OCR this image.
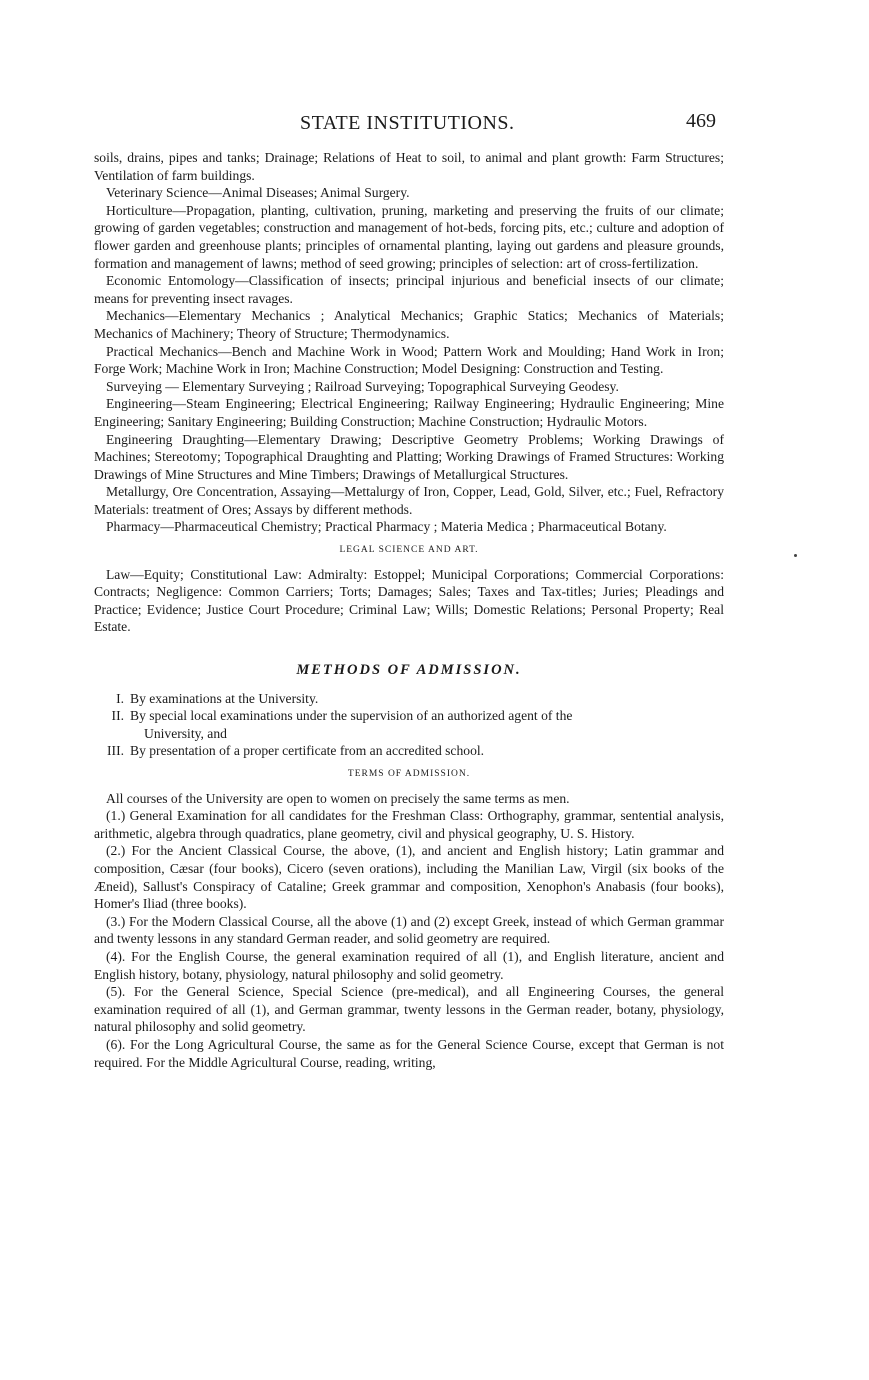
STATE INSTITUTIONS.	469

soils, drains, pipes and tanks; Drainage; Relations of Heat to soil, to animal and plant growth: Farm Structures; Ventilation of farm buildings.

Veterinary Science—Animal Diseases; Animal Surgery.

Horticulture—Propagation, planting, cultivation, pruning, marketing and preserving the fruits of our climate; growing of garden vegetables; construction and management of hot-beds, forcing pits, etc.; culture and adoption of flower garden and greenhouse plants; principles of ornamental planting, laying out gardens and pleasure grounds, formation and management of lawns; method of seed growing; principles of selection: art of cross-fertilization.

Economic Entomology—Classification of insects; principal injurious and beneficial insects of our climate; means for preventing insect ravages.

Mechanics—Elementary Mechanics ; Analytical Mechanics; Graphic Statics; Mechanics of Materials; Mechanics of Machinery; Theory of Structure; Thermodynamics.

Practical Mechanics—Bench and Machine Work in Wood; Pattern Work and Moulding; Hand Work in Iron; Forge Work; Machine Work in Iron; Machine Construction; Model Designing: Construction and Testing.

Surveying — Elementary Surveying ; Railroad Surveying; Topographical Surveying Geodesy.

Engineering—Steam Engineering; Electrical Engineering; Railway Engineering; Hydraulic Engineering; Mine Engineering; Sanitary Engineering; Building Construction; Machine Construction; Hydraulic Motors.

Engineering Draughting—Elementary Drawing; Descriptive Geometry Problems; Working Drawings of Machines; Stereotomy; Topographical Draughting and Platting; Working Drawings of Framed Structures: Working Drawings of Mine Structures and Mine Timbers; Drawings of Metallurgical Structures.

Metallurgy, Ore Concentration, Assaying—Mettalurgy of Iron, Copper, Lead, Gold, Silver, etc.; Fuel, Refractory Materials: treatment of Ores; Assays by different methods.

Pharmacy—Pharmaceutical Chemistry; Practical Pharmacy ; Materia Medica ; Pharmaceutical Botany.

LEGAL SCIENCE AND ART.

Law—Equity; Constitutional Law: Admiralty: Estoppel; Municipal Corporations; Commercial Corporations: Contracts; Negligence: Common Carriers; Torts; Damages; Sales; Taxes and Tax-titles; Juries; Pleadings and Practice; Evidence; Justice Court Procedure; Criminal Law; Wills; Domestic Relations; Personal Property; Real Estate.

METHODS OF ADMISSION.
I. By examinations at the University.
II. By special local examinations under the supervision of an authorized agent of the
University, and
III. By presentation of a proper certificate from an accredited school.
TERMS OF ADMISSION.

All courses of the University are open to women on precisely the same terms as men.

(1.) General Examination for all candidates for the Freshman Class: Orthography, grammar, sentential analysis, arithmetic, algebra through quadratics, plane geometry, civil and physical geography, U. S. History.

(2.) For the Ancient Classical Course, the above, (1), and ancient and English history; Latin grammar and composition, Cæsar (four books), Cicero (seven orations), including the Manilian Law, Virgil (six books of the Æneid), Sallust's Conspiracy of Cataline; Greek grammar and composition, Xenophon's Anabasis (four books), Homer's Iliad (three books).

(3.) For the Modern Classical Course, all the above (1) and (2) except Greek, instead of which German grammar and twenty lessons in any standard German reader, and solid geometry are required.

(4). For the English Course, the general examination required of all (1), and English literature, ancient and English history, botany, physiology, natural philosophy and solid geometry.

(5). For the General Science, Special Science (pre-medical), and all Engineering Courses, the general examination required of all (1), and German grammar, twenty lessons in the German reader, botany, physiology, natural philosophy and solid geometry.

(6). For the Long Agricultural Course, the same as for the General Science Course, except that German is not required. For the Middle Agricultural Course, reading, writing,
